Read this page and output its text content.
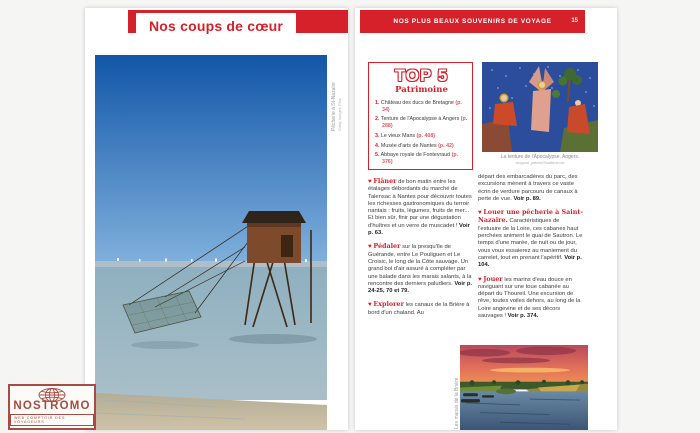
Nos coups de cœur
Pêcherie à St-Nazaire Getty Images Plus
NOS PLUS BEAUX SOUVENIRS DE VOYAGE	15
TOP 5
Patrimoine
1. Château des ducs de Bretagne (p. 34)
2. Tenture de l'Apocalypse à Angers (p. 288)
3. Le vieux Mans (p. 408)
4. Musée d'arts de Nantes (p. 42)
5. Abbaye royale de Fontevraud (p. 376)
La tenture de l'Apocalypse, Angers.
isogood_patrick/Shutterstock

♥ Flâner de bon matin entre les étalages débordants du marché de Talensac à Nantes pour découvrir toutes les richesses gastronomiques du terroir nantais : fruits, légumes, fruits de mer... Et bien sûr, finir par une dégustation d'huîtres et un verre de muscadet ! Voir p. 63.

♥ Pédaler sur la presqu'île de Guérande, entre Le Pouliguen et Le Croisic, le long de la Côte sauvage. Un grand bol d'air assuré à compléter par une balade dans les marais salants, à la rencontre des derniers paludiers. Voir p. 24-25, 70 et 79.

♥ Explorer les canaux de la Brière à bord d'un chaland. Au

départ des embarcadères du parc, des excursions mènent à travers ce vaste écrin de verdure parcouru de canaux à perte de vue. Voir p. 89.

♥ Louer une pêcherie à Saint-Nazaire. Caractéristiques de l'estuaire de la Loire, ces cabanes haut perchées animent le quai de Sautron. Le temps d'une marée, de nuit ou de jour, vous vous essaierez au maniement du carrelet, tout en prenant l'apéritif. Voir p. 104.

♥ Jouer les marins d'eau douce en naviguant sur une toue cabanée au départ du Thoureil. Une excursion de rêve, toutes voiles dehors, au long de la Loire angevine et de ses décors sauvages ! Voir p. 374.

Les marais de la Brière
NOSTROMO
WEB COMPTOIR DES VOYAGEURS
